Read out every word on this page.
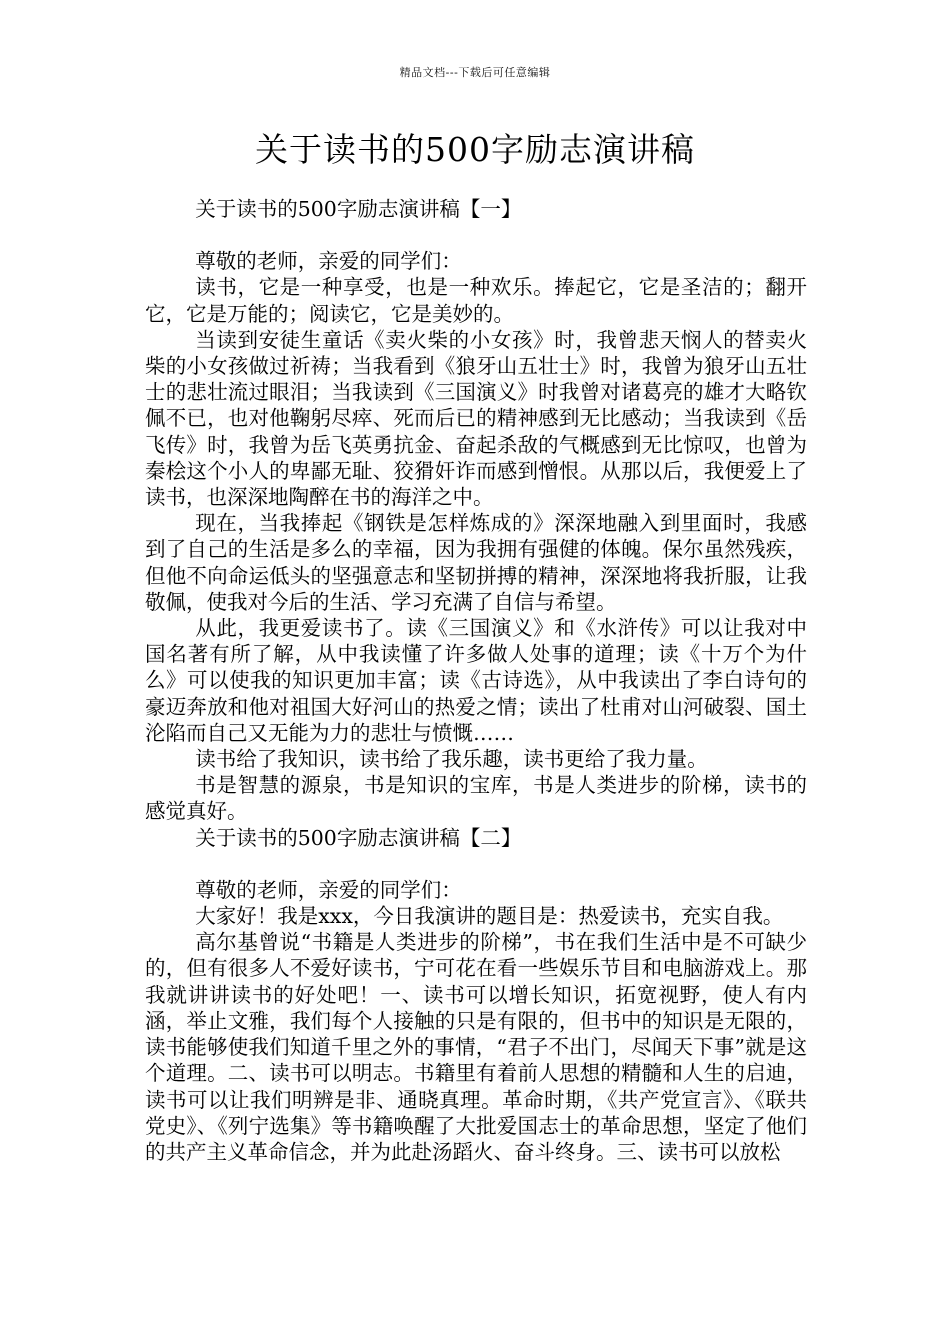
精品文档---下载后可任意编辑
关于读书的500字励志演讲稿

关于读书的500字励志演讲稿【一】

尊敬的老师，亲爱的同学们：

读书，它是一种享受，也是一种欢乐。捧起它，它是圣洁的；翻开它，它是万能的；阅读它，它是美妙的。

当读到安徒生童话《卖火柴的小女孩》时，我曾悲天悯人的替卖火柴的小女孩做过祈祷；当我看到《狼牙山五壮士》时，我曾为狼牙山五壮士的悲壮流过眼泪；当我读到《三国演义》时我曾对诸葛亮的雄才大略钦佩不已，也对他鞠躬尽瘁、死而后已的精神感到无比感动；当我读到《岳飞传》时，我曾为岳飞英勇抗金、奋起杀敌的气概感到无比惊叹，也曾为秦桧这个小人的卑鄙无耻、狡猾奸诈而感到憎恨。从那以后，我便爱上了读书，也深深地陶醉在书的海洋之中。

现在，当我捧起《钢铁是怎样炼成的》深深地融入到里面时，我感到了自己的生活是多么的幸福，因为我拥有强健的体魄。保尔虽然残疾，但他不向命运低头的坚强意志和坚韧拼搏的精神，深深地将我折服，让我敬佩，使我对今后的生活、学习充满了自信与希望。

从此，我更爱读书了。读《三国演义》和《水浒传》可以让我对中国名著有所了解，从中我读懂了许多做人处事的道理；读《十万个为什么》可以使我的知识更加丰富；读《古诗选》，从中我读出了李白诗句的豪迈奔放和他对祖国大好河山的热爱之情；读出了杜甫对山河破裂、国土沦陷而自己又无能为力的悲壮与愤慨……

读书给了我知识，读书给了我乐趣，读书更给了我力量。

书是智慧的源泉，书是知识的宝库，书是人类进步的阶梯，读书的感觉真好。

关于读书的500字励志演讲稿【二】

尊敬的老师，亲爱的同学们：

大家好！我是xxx，今日我演讲的题目是：热爱读书，充实自我。

高尔基曾说“书籍是人类进步的阶梯”，书在我们生活中是不可缺少的，但有很多人不爱好读书，宁可花在看一些娱乐节目和电脑游戏上。那我就讲讲读书的好处吧！一、读书可以增长知识，拓宽视野，使人有内涵，举止文雅，我们每个人接触的只是有限的，但书中的知识是无限的，读书能够使我们知道千里之外的事情，“君子不出门，尽闻天下事”就是这个道理。二、读书可以明志。书籍里有着前人思想的精髓和人生的启迪，读书可以让我们明辨是非、通晓真理。革命时期，《共产党宣言》、《联共党史》、《列宁选集》等书籍唤醒了大批爱国志士的革命思想，坚定了他们的共产主义革命信念，并为此赴汤蹈火、奋斗终身。三、读书可以放松
